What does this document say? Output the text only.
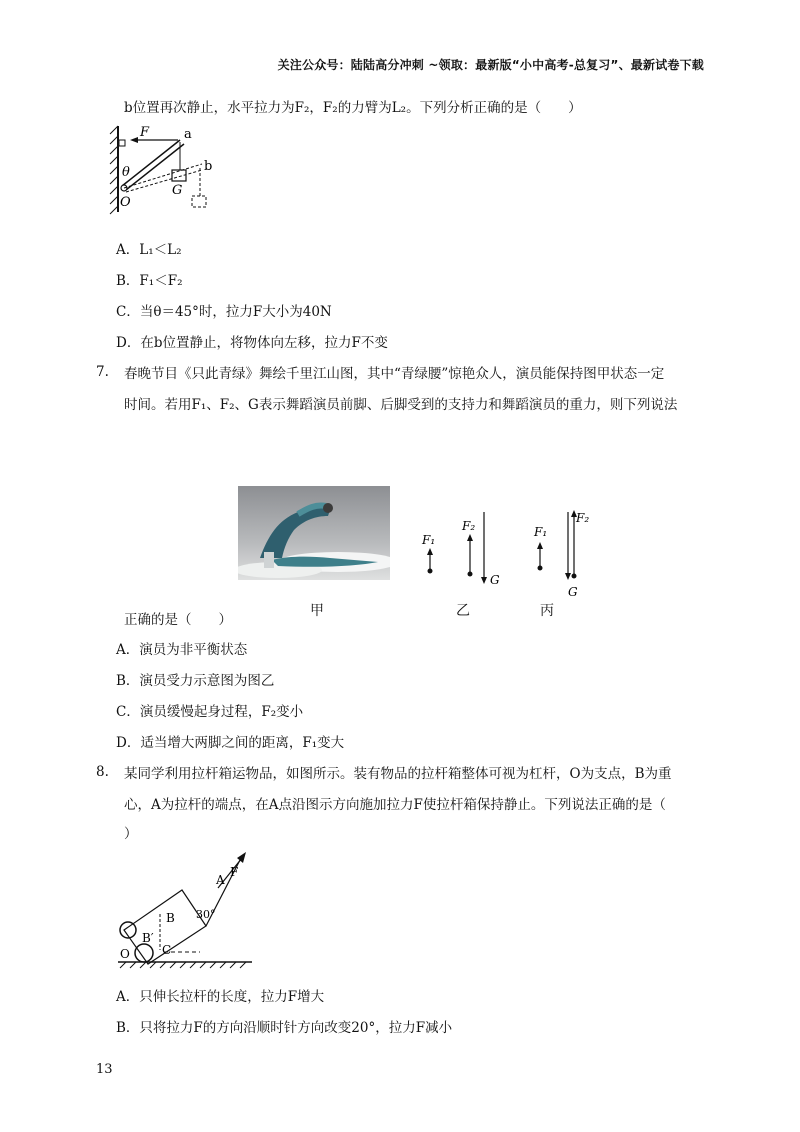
关注公众号：陆陆高分冲刺 ~领取：最新版“小中高考-总复习”、最新试卷下载
b位置再次静止，水平拉力为F₂，F₂的力臂为L₂。下列分析正确的是（　　）
F	a
θ
G
b
O
A．L₁＜L₂
B．F₁＜F₂
C．当θ＝45°时，拉力F大小为40N
D．在b位置静止，将物体向左移，拉力F不变
7. 春晚节目《只此青绿》舞绘千里江山图，其中“青绿腰”惊艳众人，演员能保持图甲状态一定
时间。若用F₁、F₂、G表示舞蹈演员前脚、后脚受到的支持力和舞蹈演员的重力，则下列说法
F₁
F₂
G
F₁
F₂
G
正确的是（　　）
甲	乙	丙
A．演员为非平衡状态
B．演员受力示意图为图乙
C．演员缓慢起身过程，F₂变小
D．适当增大两脚之间的距离，F₁变大
8. 某同学利用拉杆箱运物品，如图所示。装有物品的拉杆箱整体可视为杠杆，O为支点，B为重
心，A为拉杆的端点，在A点沿图示方向施加拉力F使拉杆箱保持静止。下列说法正确的是（
）
F
A
B 30°
B′
C
O
A．只伸长拉杆的长度，拉力F增大
B．只将拉力F的方向沿顺时针方向改变20°，拉力F减小
13
